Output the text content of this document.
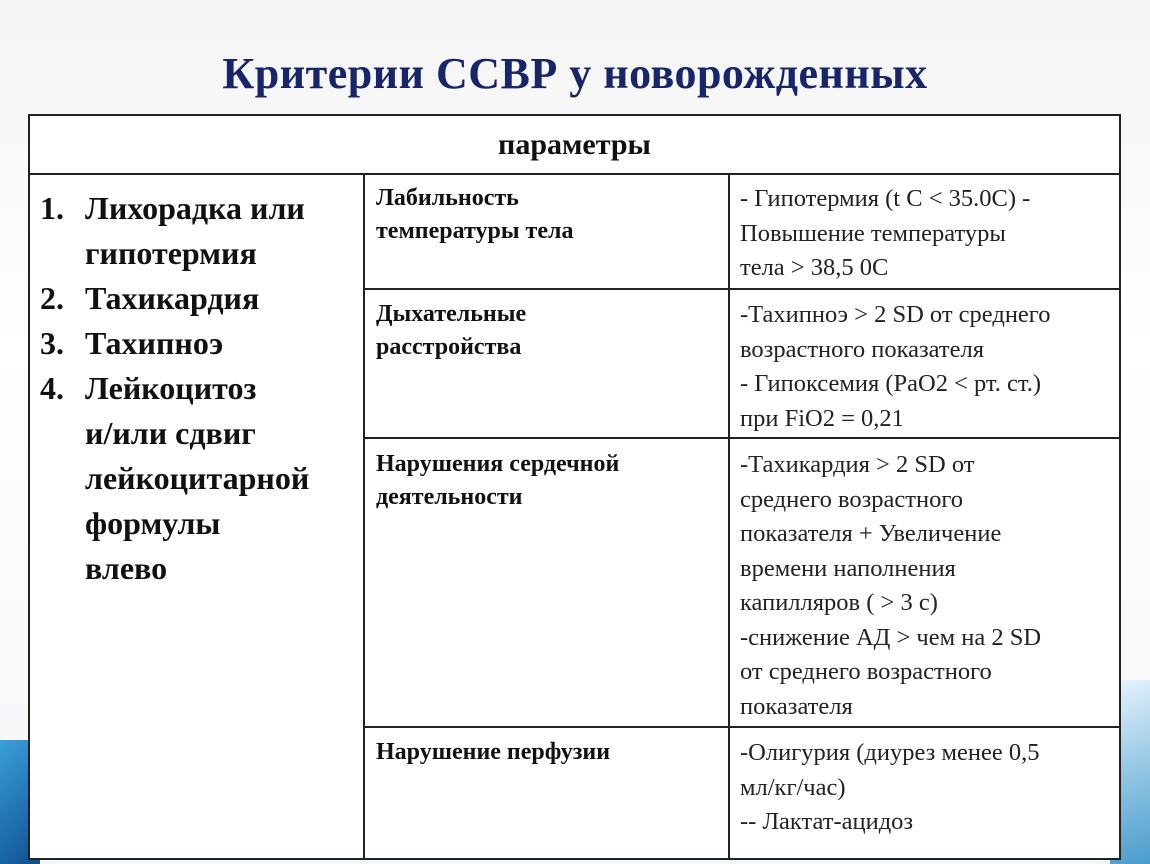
Критерии ССВР у новорожденных
параметры
1. Лихорадка или
гипотермия
2. Тахикардия
3. Тахипноэ
4. Лейкоцитоз
и/или сдвиг
лейкоцитарной
формулы
влево
Лабильность
температуры тела
- Гипотермия (t С < 35.0С) -
Повышение температуры
тела > 38,5 0С
Дыхательные
расстройства
-Тахипноэ > 2 SD от среднего
возрастного показателя
- Гипоксемия (РаО2 < рт. ст.)
при FiO2 = 0,21
Нарушения сердечной
деятельности
-Тахикардия > 2 SD от
среднего возрастного
показателя + Увеличение
времени наполнения
капилляров ( > 3 с)
-снижение АД > чем на 2 SD
от среднего возрастного
показателя
Нарушение перфузии	-Олигурия (диурез менее 0,5
мл/кг/час)
-- Лактат-ацидоз
